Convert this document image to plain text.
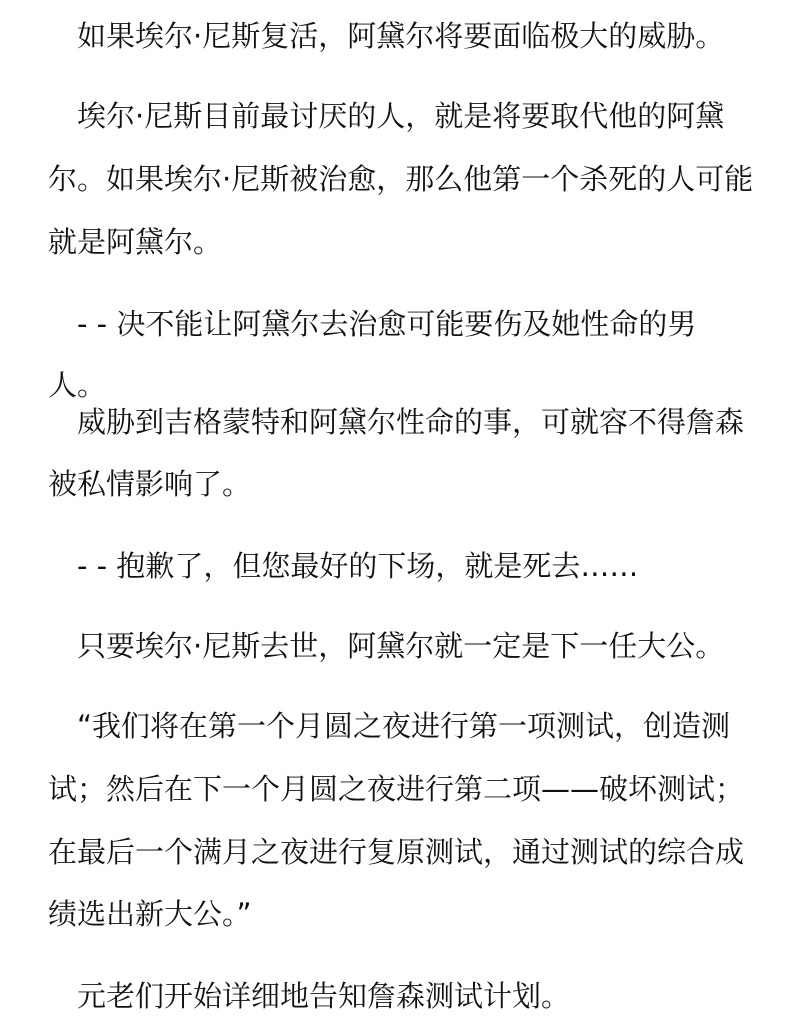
　如果埃尔·尼斯复活，阿黛尔将要面临极大的威胁。
　埃尔·尼斯目前最讨厌的人，就是将要取代他的阿黛
尔。如果埃尔·尼斯被治愈，那么他第一个杀死的人可能
就是阿黛尔。
　- - 决不能让阿黛尔去治愈可能要伤及她性命的男
人。
　威胁到吉格蒙特和阿黛尔性命的事，可就容不得詹森
被私情影响了。
　- - 抱歉了，但您最好的下场，就是死去……
　只要埃尔·尼斯去世，阿黛尔就一定是下一任大公。
　“我们将在第一个月圆之夜进行第一项测试，创造测
试；然后在下一个月圆之夜进行第二项——破坏测试；
在最后一个满月之夜进行复原测试，通过测试的综合成
绩选出新大公。”
　元老们开始详细地告知詹森测试计划。
